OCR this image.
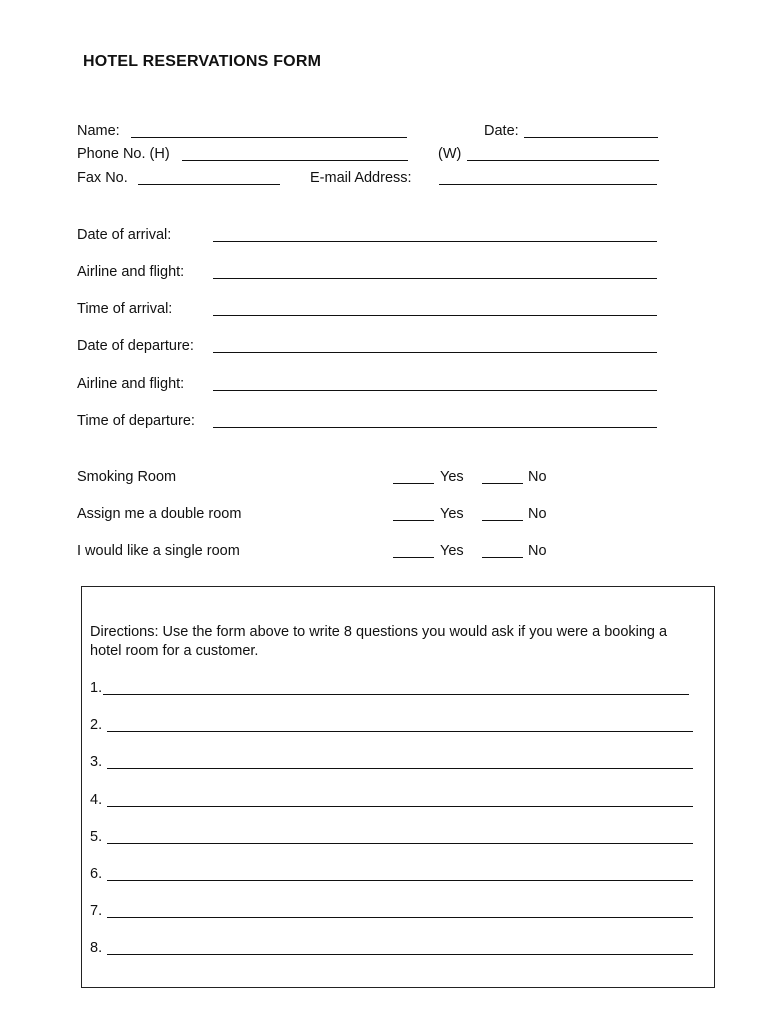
HOTEL RESERVATIONS FORM
Name:	Date:
Phone No. (H)	(W)
Fax No.	E-mail Address:
Date of arrival:
Airline and flight:
Time of arrival:
Date of departure:
Airline and flight:
Time of departure:
Smoking Room	Yes	No
Assign me a double room	Yes	No
I would like a single room	Yes	No
Directions: Use the form above to write 8 questions you would ask if you were a booking a
hotel room for a customer.
1.
2.
3.
4.
5.
6.
7.
8.
